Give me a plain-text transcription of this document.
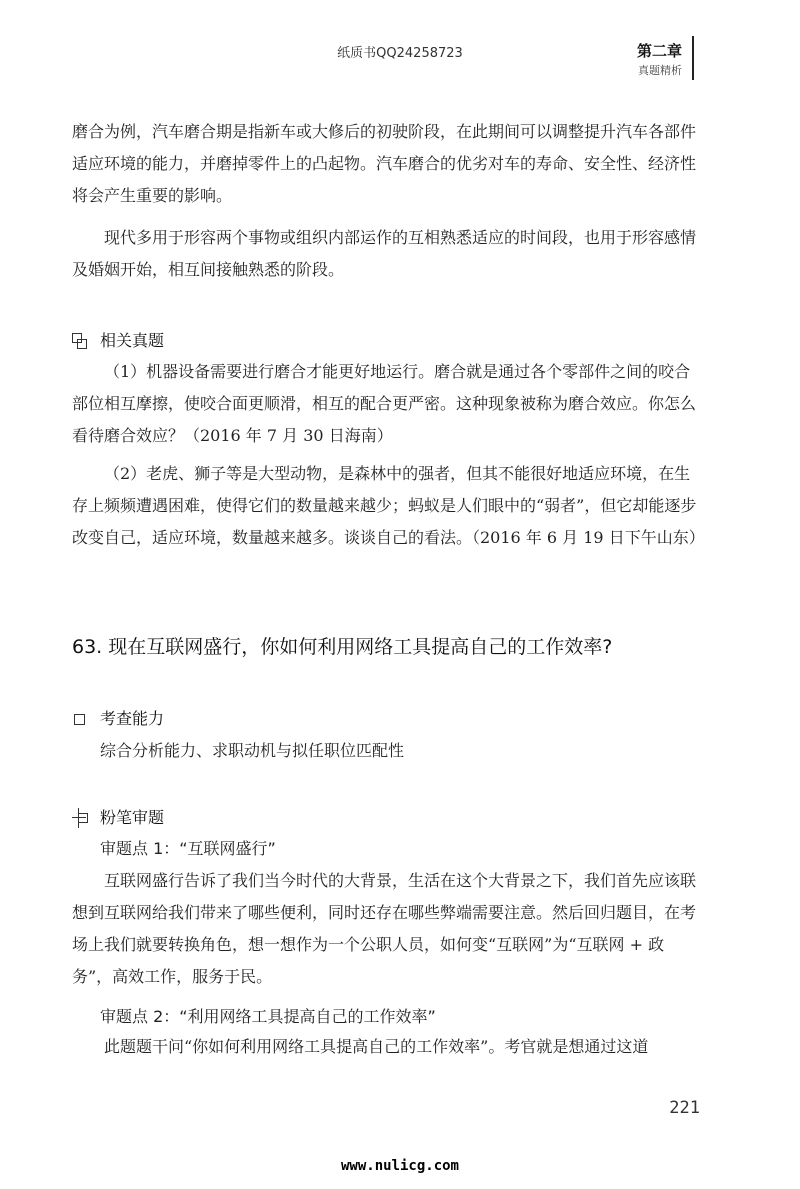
纸质书QQ24258723	第二章
真题精析

磨合为例，汽车磨合期是指新车或大修后的初驶阶段，在此期间可以调整提升汽车各部件适应环境的能力，并磨掉零件上的凸起物。汽车磨合的优劣对车的寿命、安全性、经济性将会产生重要的影响。

现代多用于形容两个事物或组织内部运作的互相熟悉适应的时间段，也用于形容感情及婚姻开始，相互间接触熟悉的阶段。

相关真题

（1）机器设备需要进行磨合才能更好地运行。磨合就是通过各个零部件之间的咬合部位相互摩擦，使咬合面更顺滑，相互的配合更严密。这种现象被称为磨合效应。你怎么看待磨合效应？（2016 年 7 月 30 日海南）

（2）老虎、狮子等是大型动物，是森林中的强者，但其不能很好地适应环境，在生存上频频遭遇困难，使得它们的数量越来越少；蚂蚁是人们眼中的“弱者”，但它却能逐步改变自己，适应环境，数量越来越多。谈谈自己的看法。（2016 年 6 月 19 日下午山东）

63. 现在互联网盛行，你如何利用网络工具提高自己的工作效率?
考查能力
综合分析能力、求职动机与拟任职位匹配性
粉笔审题
审题点 1：“互联网盛行”

互联网盛行告诉了我们当今时代的大背景，生活在这个大背景之下，我们首先应该联想到互联网给我们带来了哪些便利，同时还存在哪些弊端需要注意。然后回归题目，在考场上我们就要转换角色，想一想作为一个公职人员，如何变“互联网”为“互联网 + 政务”，高效工作，服务于民。

审题点 2：“利用网络工具提高自己的工作效率”

此题题干问“你如何利用网络工具提高自己的工作效率”。考官就是想通过这道

221
www.nulicg.com
